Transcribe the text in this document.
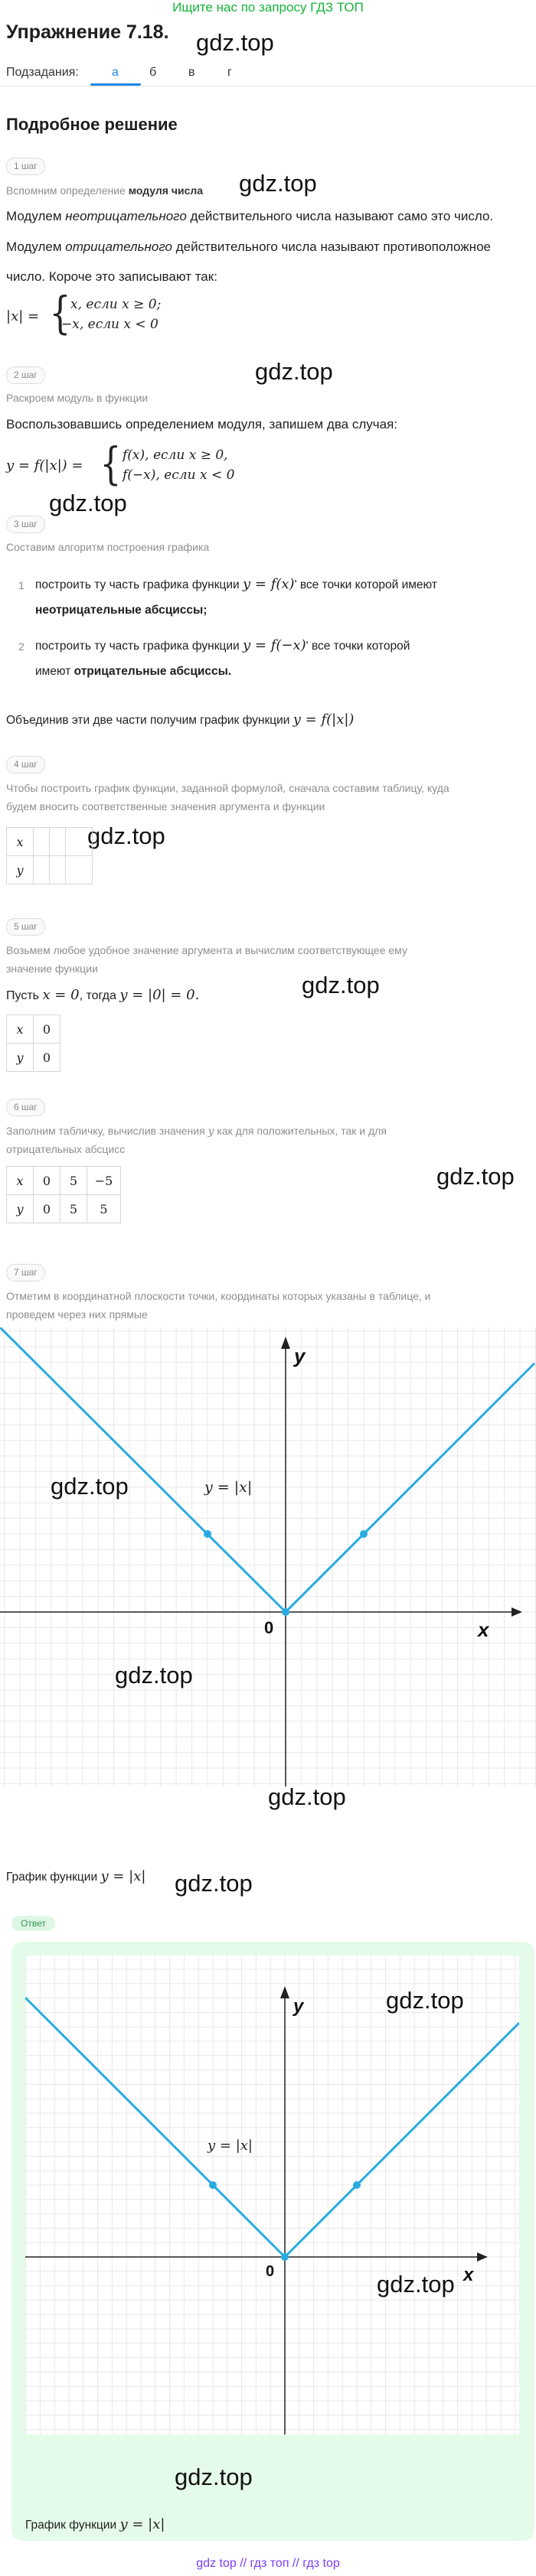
Ищите нас по запросу ГДЗ ТОП
Упражнение 7.18. gdz.top
Подзадания:	а	б	в	г
Подробное решение
1 шаг
gdz.top
Вспомним определение модуля числа
Модулем неотрицательного действительного числа называют само это число.
Модулем отрицательного действительного числа называют противоположное
число. Короче это записывают так:
|x| = { x, если x ≥ 0;
−x, если x < 0
2 шаг	gdz.top
Раскроем модуль в функции
Воспользовавшись определением модуля, запишем два случая:
y = f(|x|) = { f(x), если x ≥ 0,
f(−x), если x < 0
gdz.top
3 шаг
Составим алгоритм построения графика
1 построить ту часть графика функции y = f(x)' все точки которой имеют
неотрицательные абсциссы;
2 построить ту часть графика функции y = f(−x)' все точки которой
имеют отрицательные абсциссы.
Объединив эти две части получим график функции y = f(|x|)
4 шаг
Чтобы построить график функции, заданной формулой, сначала составим таблицу, куда
будем вносить соответственные значения аргумента и функции
gdz.top
x
y
5 шаг
Возьмем любое удобное значение аргумента и вычислим соответствующее ему
значение функции
gdz.top
Пусть x = 0, тогда y = |0| = 0.
x	0
y	0
6 шаг
Заполним табличку, вычислив значения y как для положительных, так и для
отрицательных абсцисс
gdz.top
x	0	5	−5
y	0	5	5
7 шаг
Отметим в координатной плоскости точки, координаты которых указаны в таблице, и
проведем через них прямые
y
x
0
y = |x|
gdz.top
gdz.top
gdz.top
График функции y = |x| gdz.top
Ответ
y
x
0
y = |x|
gdz.top
gdz.top
gdz.top
График функции y = |x|
gdz top // гдз топ // гдз top
